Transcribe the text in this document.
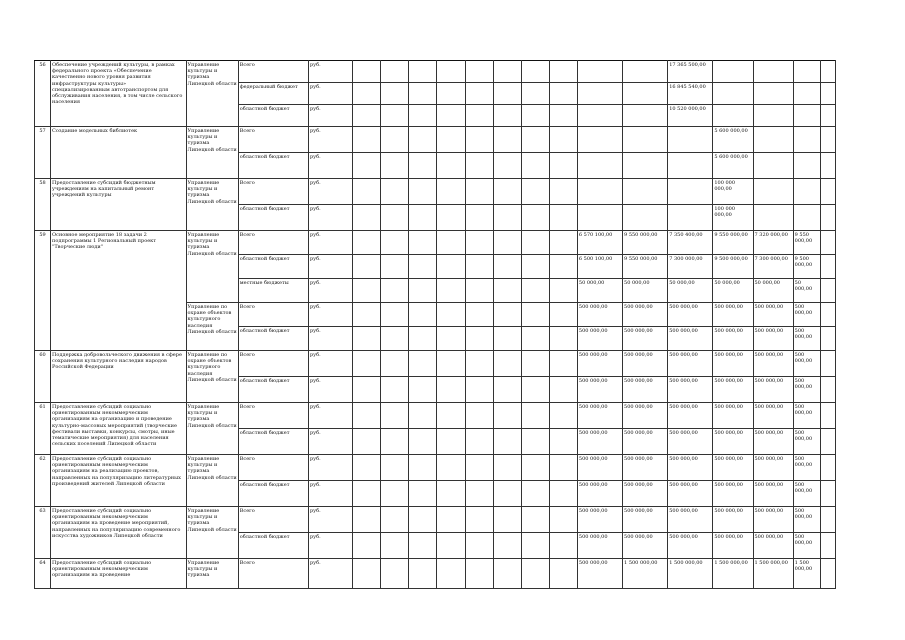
56	Обеспечение учреждений культуры, в рамках федерального проекта «Обеспечение качественно нового уровня развития инфраструктуры культуры» специализированным автотранспортом для обслуживания населения, в том числе сельского населения	Управление культуры и туризма Липецкой области	Всего	руб.											17 365 500,00				
			федеральный бюджет	руб.											16 845 540,00				
			областной бюджет	руб.											10 520 000,00				
57	Создание модельных библиотек	Управление культуры и туризма Липецкой области	Всего	руб.												5 600 000,00			
			областной бюджет	руб.												5 600 000,00			
58	Предоставление субсидий бюджетным учреждениям на капитальный ремонт учреждений культуры	Управление культуры и туризма Липецкой области	Всего	руб.												100 000 000,00			
			областной бюджет	руб.												100 000 000,00			
59	Основное мероприятие 18 задачи 2 подпрограммы 1 Региональный проект "Творческие люди"	Управление культуры и туризма Липецкой области	Всего	руб.									6 570 100,00	9 550 000,00	7 350 400,00	9 550 000,00	7 320 000,00	9 550 000,00	
			областной бюджет	руб.									6 500 100,00	9 550 000,00	7 300 000,00	9 500 000,00	7 300 000,00	9 500 000,00	
			местные бюджеты	руб.									50 000,00	50 000,00	50 000,00	50 000,00	50 000,00	50 000,00	
		Управление по охране объектов культурного наследия Липецкой области	Всего	руб.									500 000,00	500 000,00	500 000,00	500 000,00	500 000,00	500 000,00	
			областной бюджет	руб.									500 000,00	500 000,00	500 000,00	500 000,00	500 000,00	500 000,00	
60	Поддержка добровольческого движения в сфере сохранения культурного наследия народов Российской Федерации	Управление по охране объектов культурного наследия Липецкой области	Всего	руб.									500 000,00	500 000,00	500 000,00	500 000,00	500 000,00	500 000,00	
			областной бюджет	руб.									500 000,00	500 000,00	500 000,00	500 000,00	500 000,00	500 000,00	
61	Предоставление субсидий социально ориентированным некоммерческим организациям на организацию и проведение культурно-массовых мероприятий (творческие фестивали выставки, конкурсы, смотры, иные тематические мероприятия) для населения сельских поселений Липецкой области	Управление культуры и туризма Липецкой области	Всего	руб.									500 000,00	500 000,00	500 000,00	500 000,00	500 000,00	500 000,00	
			областной бюджет	руб.									500 000,00	500 000,00	500 000,00	500 000,00	500 000,00	500 000,00	
62	Предоставление субсидий социально ориентированным некоммерческим организациям на реализацию проектов, направленных на популяризацию литературных произведений жителей Липецкой области	Управление культуры и туризма Липецкой области	Всего	руб.									500 000,00	500 000,00	500 000,00	500 000,00	500 000,00	500 000,00	
			областной бюджет	руб.									500 000,00	500 000,00	500 000,00	500 000,00	500 000,00	500 000,00	
63	Предоставление субсидий социально ориентированным некоммерческим организациям на проведение мероприятий, направленных на популяризацию современного искусства художников Липецкой области	Управление культуры и туризма Липецкой области	Всего	руб.									500 000,00	500 000,00	500 000,00	500 000,00	500 000,00	500 000,00	
			областной бюджет	руб.									500 000,00	500 000,00	500 000,00	500 000,00	500 000,00	500 000,00	
64	Предоставление субсидий социально ориентированным некоммерческим организациям на проведение	Управление культуры и туризма	Всего	руб.									500 000,00	1 500 000,00	1 500 000,00	1 500 000,00	1 500 000,00	1 500 000,00	
